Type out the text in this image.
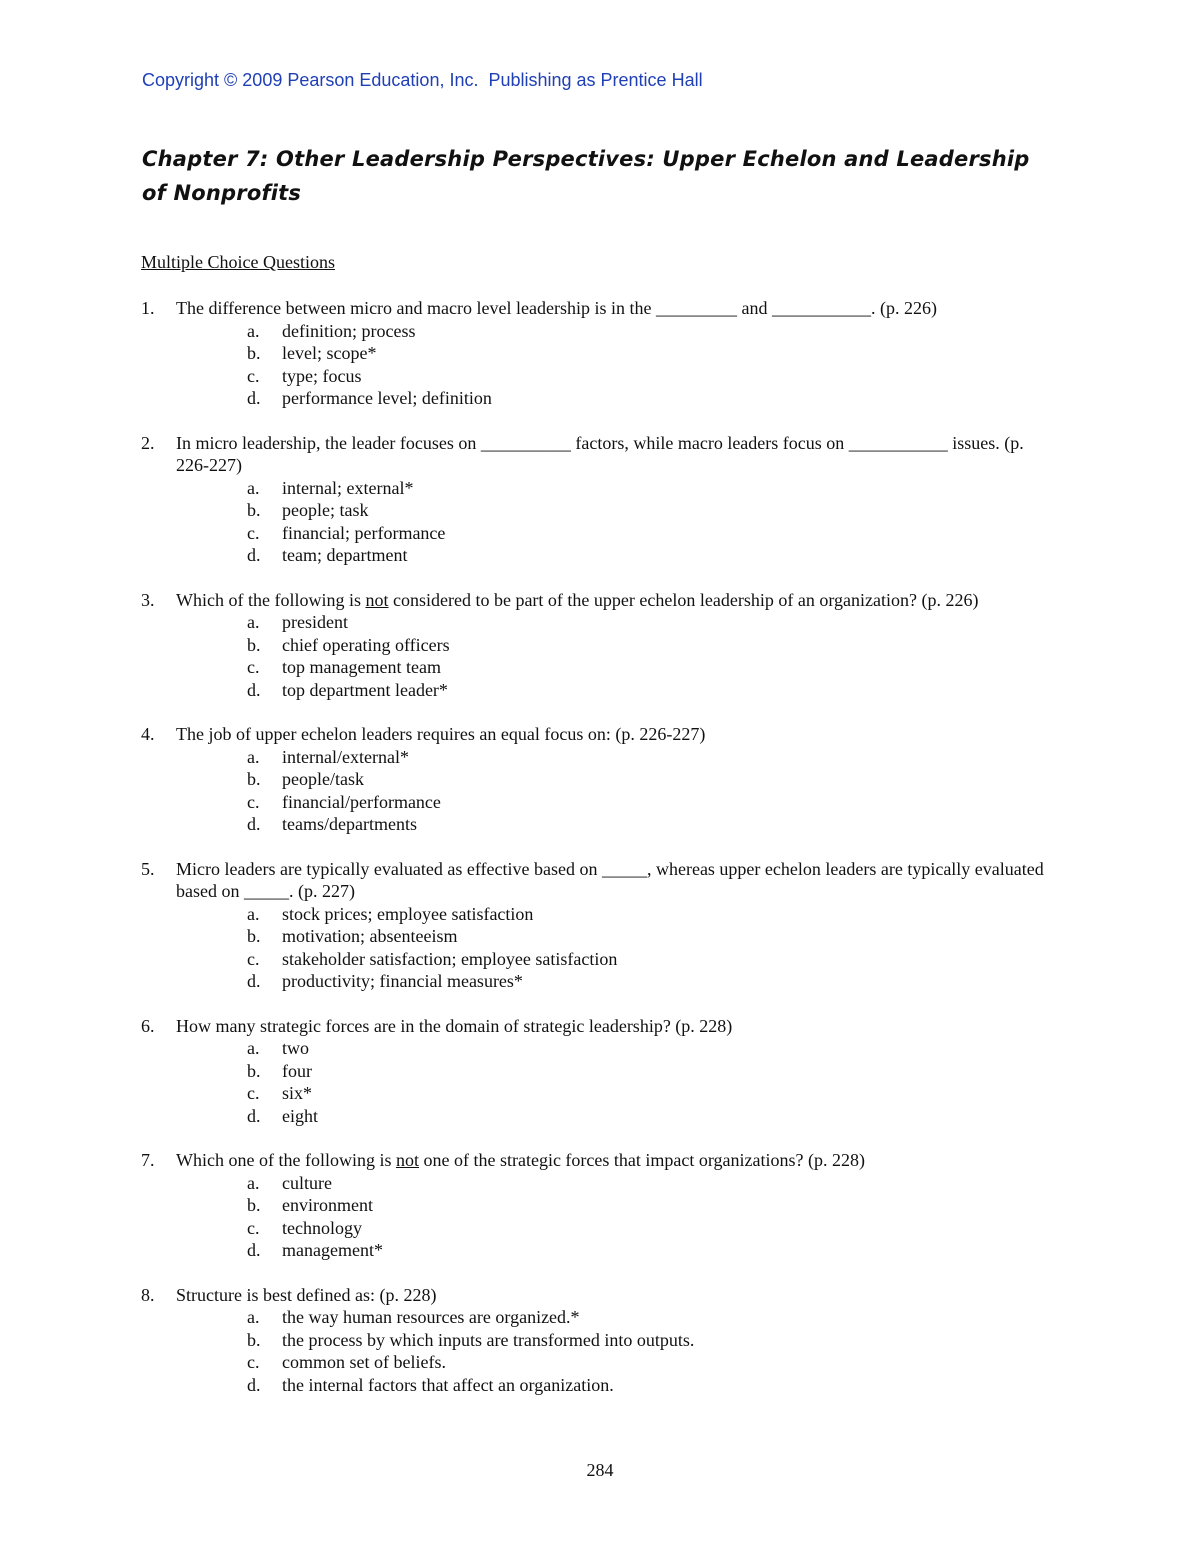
Copyright © 2009 Pearson Education, Inc.  Publishing as Prentice Hall
Chapter 7: Other Leadership Perspectives: Upper Echelon and Leadership of Nonprofits
Multiple Choice Questions
1.	The difference between micro and macro level leadership is in the _________ and ___________. (p. 226)
a.	definition; process
b.	level; scope*
c.	type; focus
d.	performance level; definition
2.	In micro leadership, the leader focuses on __________ factors, while macro leaders focus on ___________ issues. (p. 226-227)
a.	internal; external*
b.	people; task
c.	financial; performance
d.	team; department
3.	Which of the following is not considered to be part of the upper echelon leadership of an organization? (p. 226)
a.	president
b.	chief operating officers
c.	top management team
d.	top department leader*
4.	The job of upper echelon leaders requires an equal focus on: (p. 226-227)
a.	internal/external*
b.	people/task
c.	financial/performance
d.	teams/departments
5.	Micro leaders are typically evaluated as effective based on _____, whereas upper echelon leaders are typically evaluated based on _____. (p. 227)
a.	stock prices; employee satisfaction
b.	motivation; absenteeism
c.	stakeholder satisfaction; employee satisfaction
d.	productivity; financial measures*
6.	How many strategic forces are in the domain of strategic leadership? (p. 228)
a.	two
b.	four
c.	six*
d.	eight
7.	Which one of the following is not one of the strategic forces that impact organizations? (p. 228)
a.	culture
b.	environment
c.	technology
d.	management*
8.	Structure is best defined as: (p. 228)
a.	the way human resources are organized.*
b.	the process by which inputs are transformed into outputs.
c.	common set of beliefs.
d.	the internal factors that affect an organization.
284
